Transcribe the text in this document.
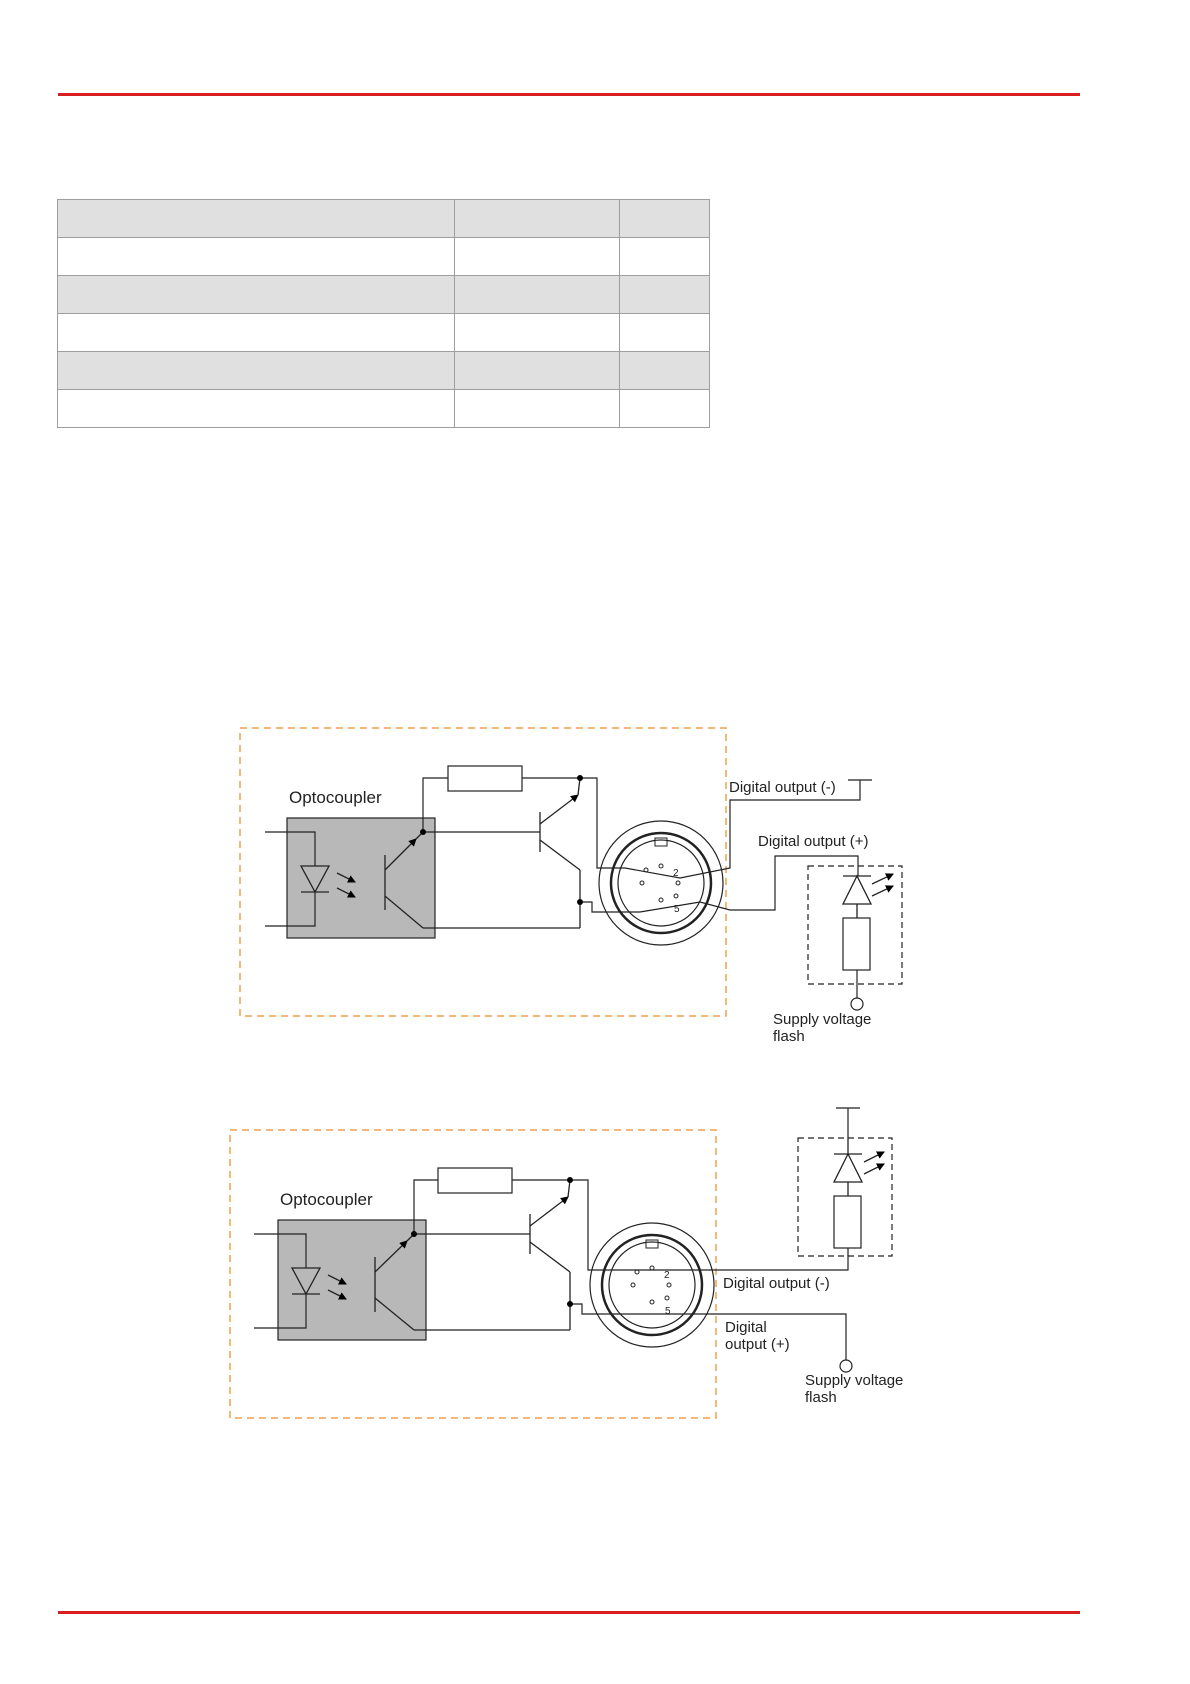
Optocoupler
2
5
Digital output (-)
Digital output (+)
Supply voltage
flash
Optocoupler
2
5
Digital output (-)
Digital
output (+)
Supply voltage
flash
